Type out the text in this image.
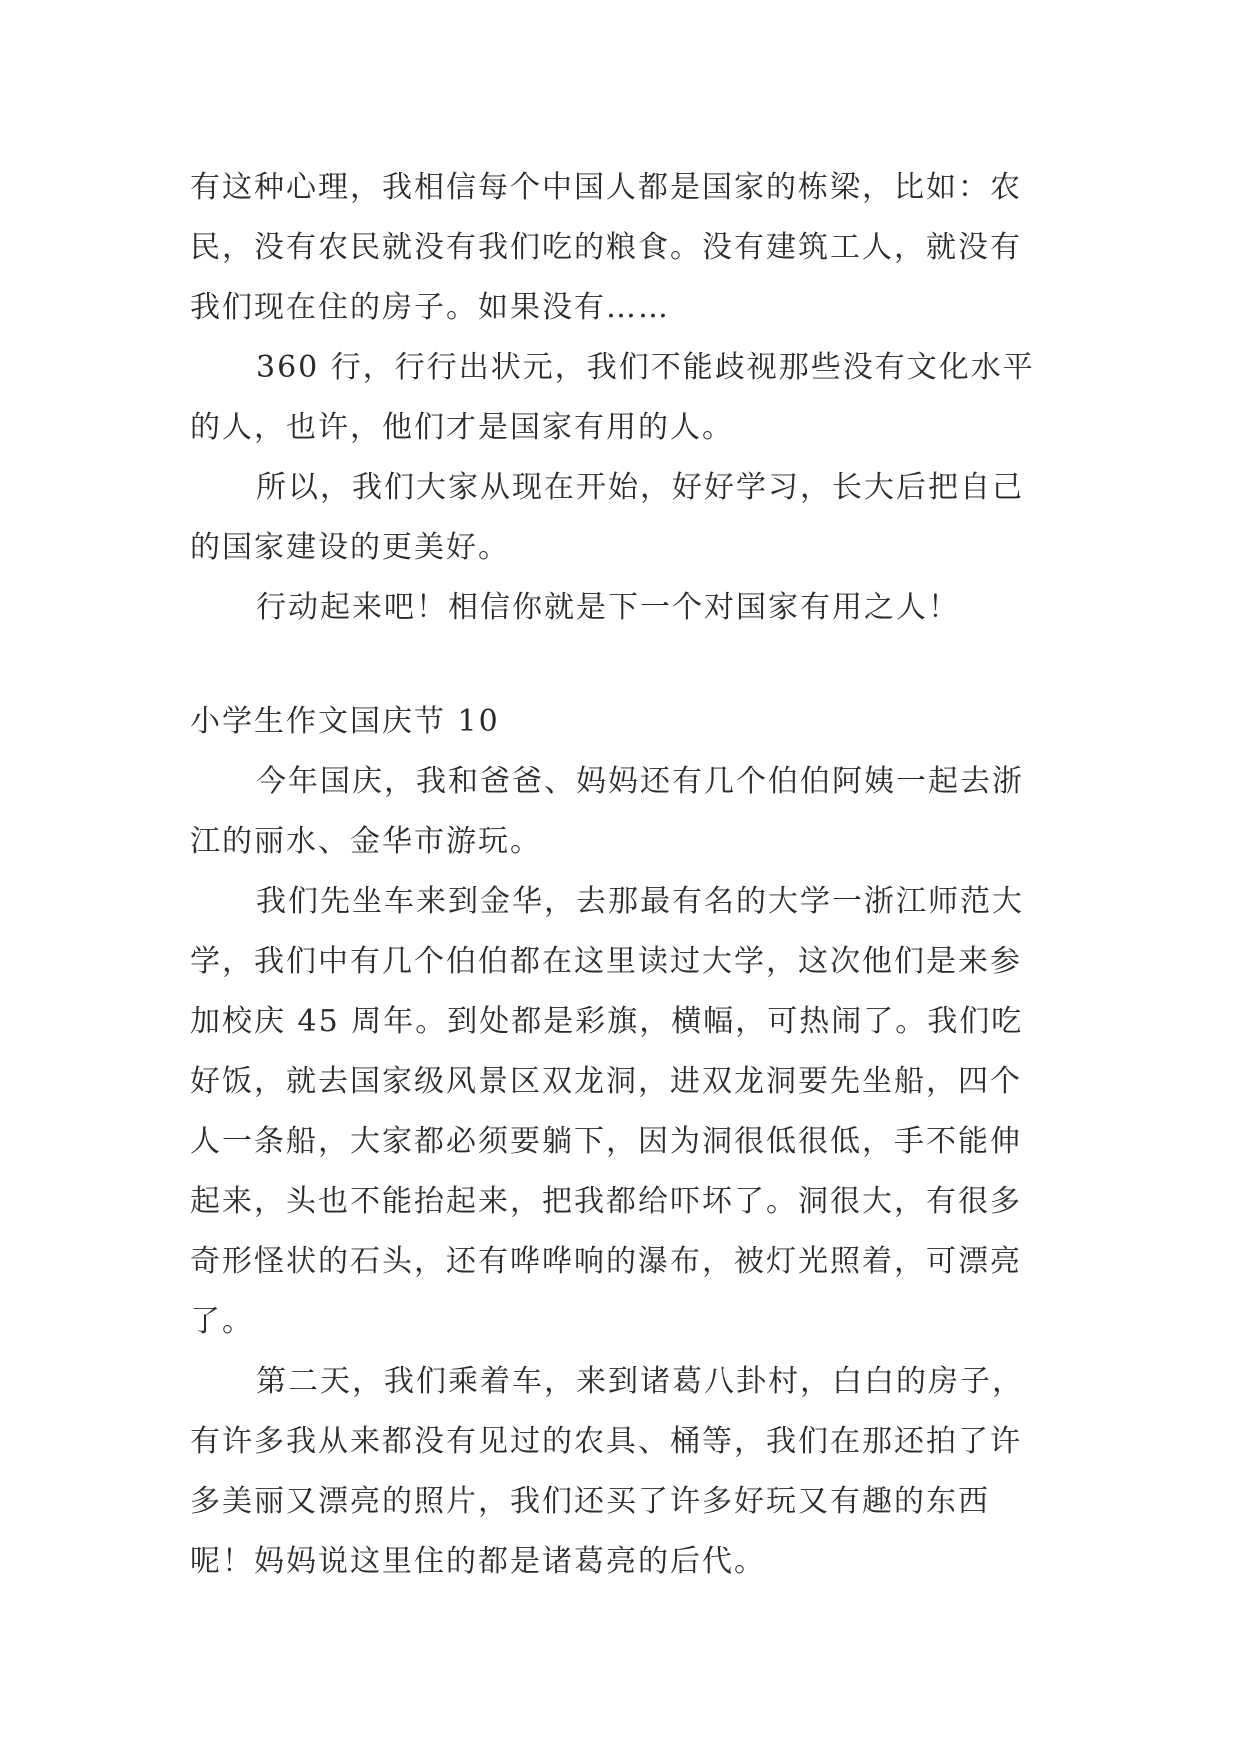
有这种心理，我相信每个中国人都是国家的栋梁，比如：农

民，没有农民就没有我们吃的粮食。没有建筑工人，就没有

我们现在住的房子。如果没有……

360 行，行行出状元，我们不能歧视那些没有文化水平

的人，也许，他们才是国家有用的人。

所以，我们大家从现在开始，好好学习，长大后把自己

的国家建设的更美好。

行动起来吧！相信你就是下一个对国家有用之人！

小学生作文国庆节 10

今年国庆，我和爸爸、妈妈还有几个伯伯阿姨一起去浙

江的丽水、金华市游玩。

我们先坐车来到金华，去那最有名的大学一浙江师范大

学，我们中有几个伯伯都在这里读过大学，这次他们是来参

加校庆 45 周年。到处都是彩旗，横幅，可热闹了。我们吃

好饭，就去国家级风景区双龙洞，进双龙洞要先坐船，四个

人一条船，大家都必须要躺下，因为洞很低很低，手不能伸

起来，头也不能抬起来，把我都给吓坏了。洞很大，有很多

奇形怪状的石头，还有哗哗响的瀑布，被灯光照着，可漂亮

了。

第二天，我们乘着车，来到诸葛八卦村，白白的房子，

有许多我从来都没有见过的农具、桶等，我们在那还拍了许

多美丽又漂亮的照片，我们还买了许多好玩又有趣的东西

呢！妈妈说这里住的都是诸葛亮的后代。
